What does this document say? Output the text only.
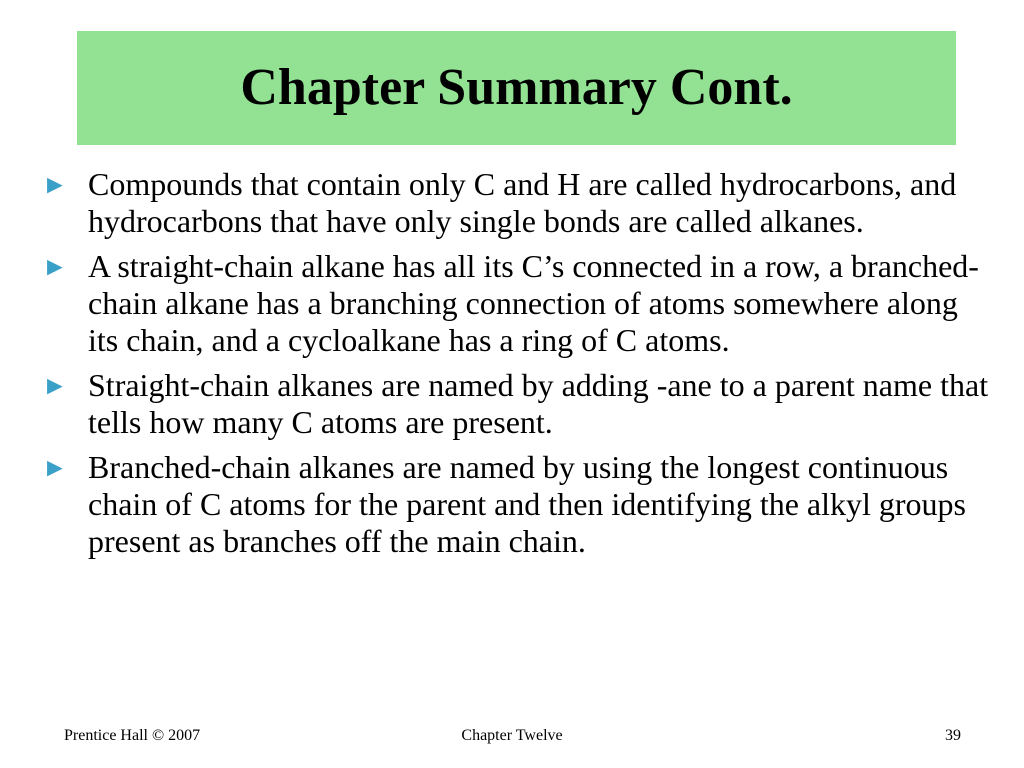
Chapter Summary Cont.
► Compounds that contain only C and H are called hydrocarbons, and hydrocarbons that have only single bonds are called alkanes.
► A straight-chain alkane has all its C’s connected in a row, a branched-chain alkane has a branching connection of atoms somewhere along its chain, and a cycloalkane has a ring of C atoms.
► Straight-chain alkanes are named by adding -ane to a parent name that tells how many C atoms are present.
► Branched-chain alkanes are named by using the longest continuous chain of C atoms for the parent and then identifying the alkyl groups present as branches off the main chain.
Prentice Hall © 2007	Chapter Twelve	39
